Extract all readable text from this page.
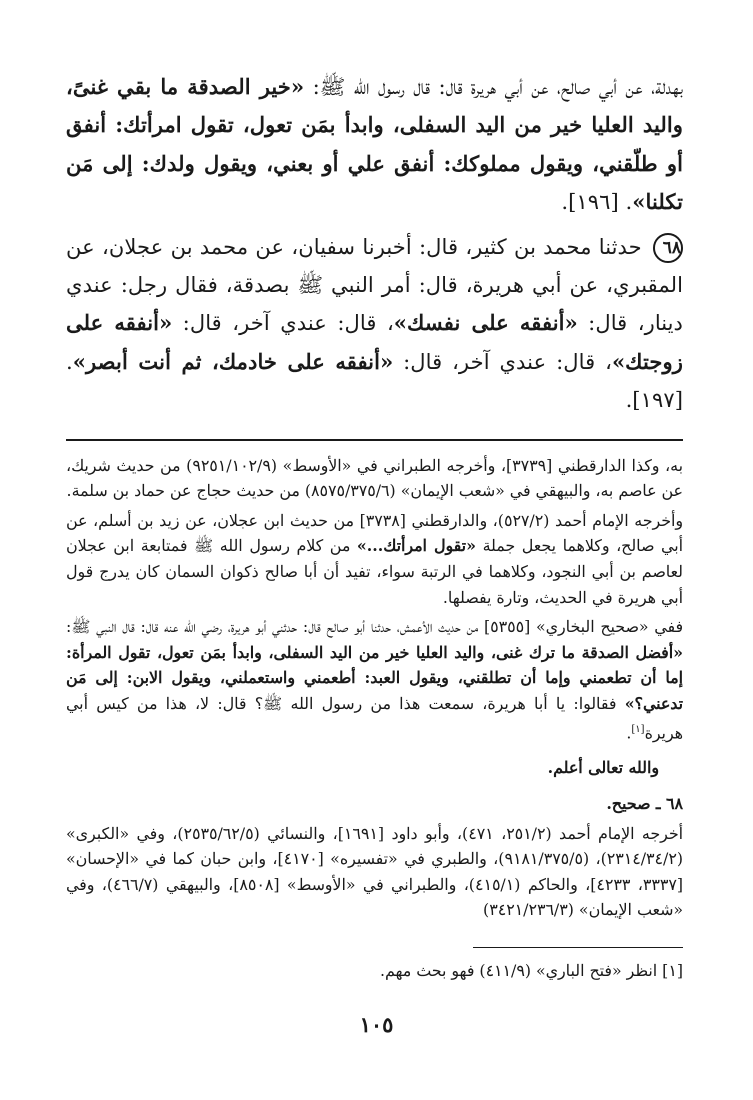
بهدلة، عن أبي صالح، عن أبي هريرة قال: قال رسول الله ﷺ: «خير الصدقة ما بقي غنىً، واليد العليا خير من اليد السفلى، وابدأ بمَن تعول، تقول امرأتك: أنفق أو طلّقني، ويقول مملوكك: أنفق علي أو بعني، ويقول ولدك: إلى مَن تكلنا». [١٩٦].

٦٨ حدثنا محمد بن كثير، قال: أخبرنا سفيان، عن محمد بن عجلان، عن المقبري، عن أبي هريرة، قال: أمر النبي ﷺ بصدقة، فقال رجل: عندي دينار، قال: «أنفقه على نفسك»، قال: عندي آخر، قال: «أنفقه على زوجتك»، قال: عندي آخر، قال: «أنفقه على خادمك، ثم أنت أبصر». [١٩٧].

به، وكذا الدارقطني [٣٧٣٩]، وأخرجه الطبراني في «الأوسط» (٩٢٥١/١٠٢/٩) من حديث شريك، عن عاصم به، والبيهقي في «شعب الإيمان» (٨٥٧٥/٣٧٥/٦) من حديث حجاج عن حماد بن سلمة.

وأخرجه الإمام أحمد (٥٢٧/٢)، والدارقطني [٣٧٣٨] من حديث ابن عجلان، عن زيد بن أسلم، عن أبي صالح، وكلاهما يجعل جملة «تقول امرأتك...» من كلام رسول الله ﷺ فمتابعة ابن عجلان لعاصم بن أبي النجود، وكلاهما في الرتبة سواء، تفيد أن أبا صالح ذكوان السمان كان يدرج قول أبي هريرة في الحديث، وتارة يفصلها.

ففي «صحيح البخاري» [٥٣٥٥] من حديث الأعمش، حدثنا أبو صالح قال: حدثني أبو هريرة، رضي الله عنه قال: قال النبي ﷺ: «أفضل الصدقة ما ترك غنى، واليد العليا خير من اليد السفلى، وابدأ بمَن تعول، تقول المرأة: إما أن تطعمني وإما أن تطلقني، ويقول العبد: أطعمني واستعملني، ويقول الابن: إلى مَن تدعني؟» فقالوا: يا أبا هريرة، سمعت هذا من رسول الله ﷺ؟ قال: لا، هذا من كيس أبي هريرة[١].

والله تعالى أعلم.

٦٨ ـ صحيح.

أخرجه الإمام أحمد (٢٥١/٢، ٤٧١)، وأبو داود [١٦٩١]، والنسائي (٢٥٣٥/٦٢/٥)، وفي «الكبرى» (٢٣١٤/٣٤/٢)، (٩١٨١/٣٧٥/٥)، والطبري في «تفسيره» [٤١٧٠]، وابن حبان كما في «الإحسان» [٣٣٣٧، ٤٢٣٣]، والحاكم (٤١٥/١)، والطبراني في «الأوسط» [٨٥٠٨]، والبيهقي (٤٦٦/٧)، وفي «شعب الإيمان» (٣٤٢١/٢٣٦/٣)

[١] انظر «فتح الباري» (٤١١/٩) فهو بحث مهم.

١٠٥
